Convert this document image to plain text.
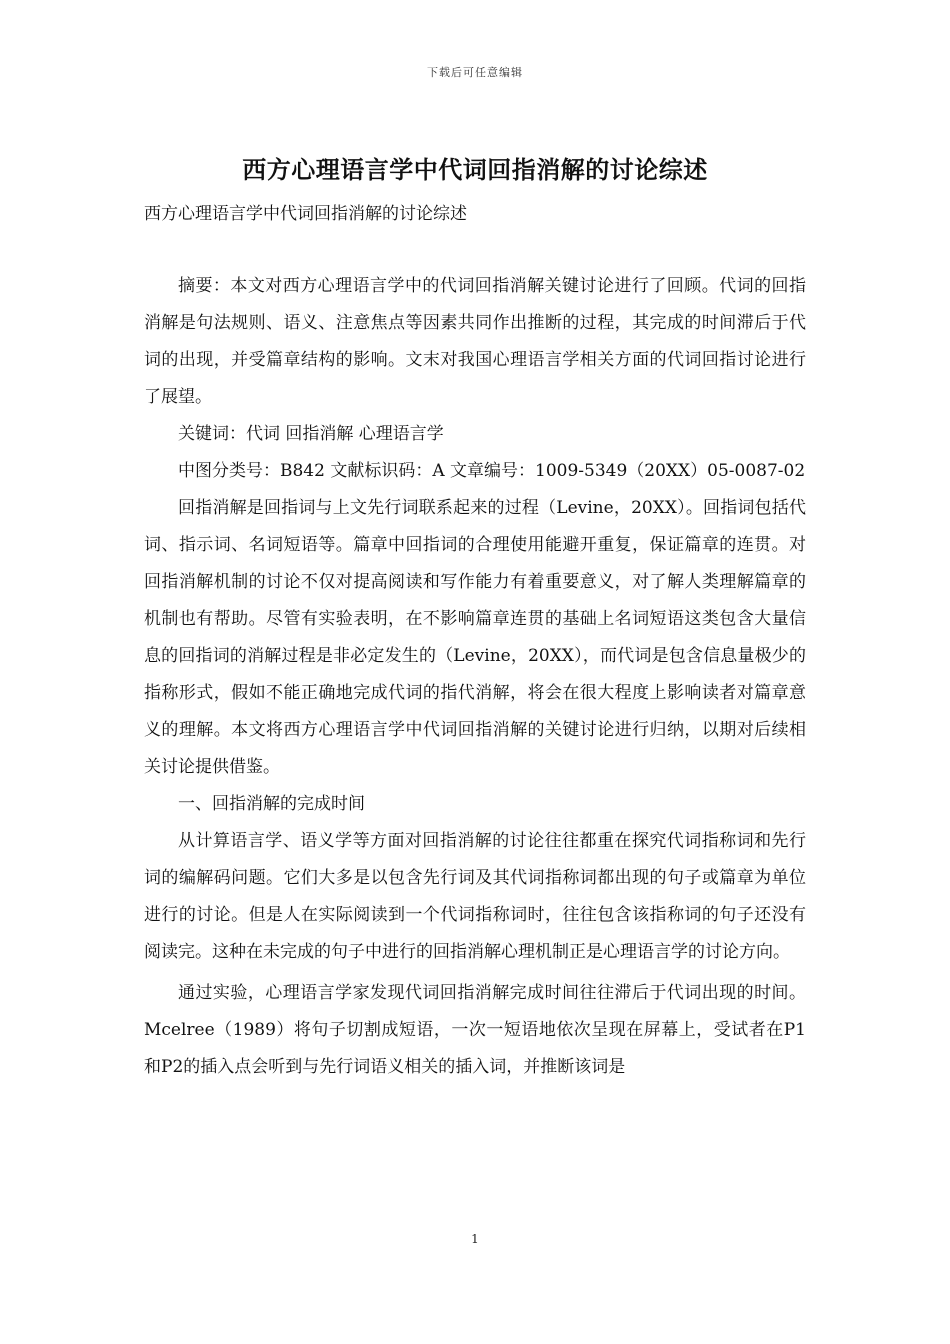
下载后可任意编辑
西方心理语言学中代词回指消解的讨论综述
西方心理语言学中代词回指消解的讨论综述

摘要：本文对西方心理语言学中的代词回指消解关键讨论进行了回顾。代词的回指消解是句法规则、语义、注意焦点等因素共同作出推断的过程，其完成的时间滞后于代词的出现，并受篇章结构的影响。文末对我国心理语言学相关方面的代词回指讨论进行了展望。

关键词：代词 回指消解 心理语言学

中图分类号：B842 文献标识码：A 文章编号：1009-5349（20XX）05-0087-02

回指消解是回指词与上文先行词联系起来的过程（Levine，20XX）。回指词包括代词、指示词、名词短语等。篇章中回指词的合理使用能避开重复，保证篇章的连贯。对回指消解机制的讨论不仅对提高阅读和写作能力有着重要意义，对了解人类理解篇章的机制也有帮助。尽管有实验表明，在不影响篇章连贯的基础上名词短语这类包含大量信息的回指词的消解过程是非必定发生的（Levine，20XX），而代词是包含信息量极少的指称形式，假如不能正确地完成代词的指代消解，将会在很大程度上影响读者对篇章意义的理解。本文将西方心理语言学中代词回指消解的关键讨论进行归纳，以期对后续相关讨论提供借鉴。

一、回指消解的完成时间

从计算语言学、语义学等方面对回指消解的讨论往往都重在探究代词指称词和先行词的编解码问题。它们大多是以包含先行词及其代词指称词都出现的句子或篇章为单位进行的讨论。但是人在实际阅读到一个代词指称词时，往往包含该指称词的句子还没有阅读完。这种在未完成的句子中进行的回指消解心理机制正是心理语言学的讨论方向。

通过实验，心理语言学家发现代词回指消解完成时间往往滞后于代词出现的时间。Mcelree（1989）将句子切割成短语，一次一短语地依次呈现在屏幕上，受试者在P1和P2的插入点会听到与先行词语义相关的插入词，并推断该词是

1
